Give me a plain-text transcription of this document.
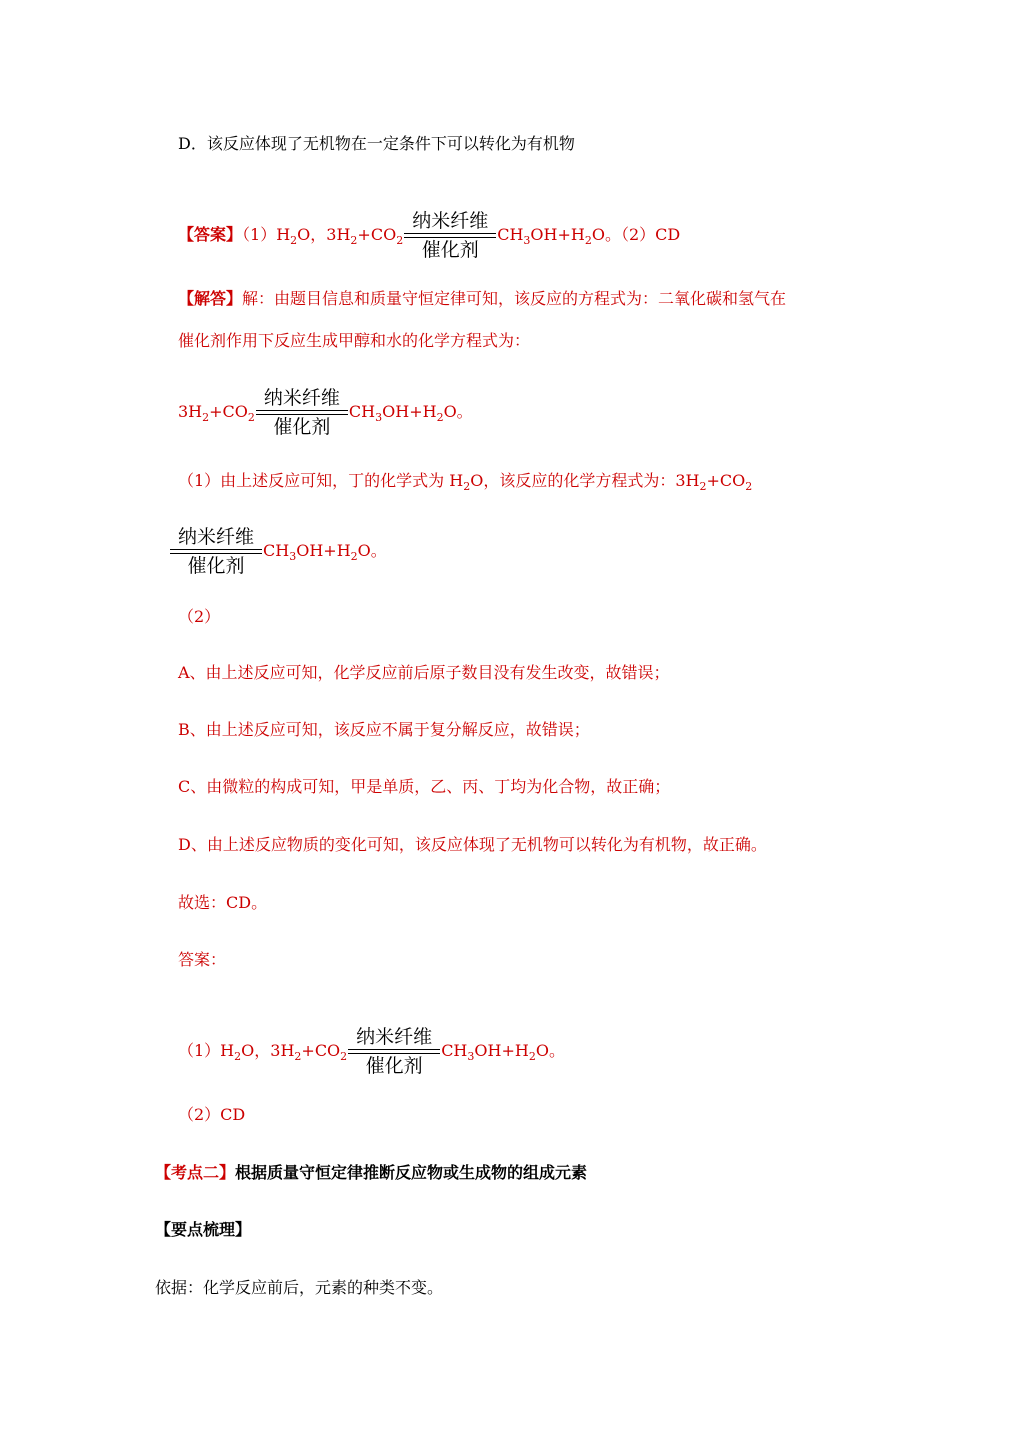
D．该反应体现了无机物在一定条件下可以转化为有机物
【答案】$(1)H_2O$，$3H_2+CO_2$
纳米纤维
催化剂
$CH_3OH+H_2O$。（2）CD
【解答】解：由题目信息和质量守恒定律可知，该反应的方程式为：二氧化碳和氢气在
催化剂作用下反应生成甲醇和水的化学方程式为：
$3H_2+CO_2$
纳米纤维
催化剂
$CH_3OH+H_2O$。
（1）由上述反应可知，丁的化学式为 $H_2O$，该反应的化学方程式为：$3H_2+CO_2$
纳米纤维
催化剂
$CH_3OH+H_2O$。
（2）
A、由上述反应可知，化学反应前后原子数目没有发生改变，故错误；
B、由上述反应可知，该反应不属于复分解反应，故错误；
C、由微粒的构成可知，甲是单质，乙、丙、丁均为化合物，故正确；
D、由上述反应物质的变化可知，该反应体现了无机物可以转化为有机物，故正确。
故选：CD。
答案：
$(1)H_2O$，$3H_2+CO_2$
纳米纤维
催化剂
$CH_3OH+H_2O$。
（2）CD
【考点二】根据质量守恒定律推断反应物或生成物的组成元素
【要点梳理】
依据：化学反应前后，元素的种类不变。
